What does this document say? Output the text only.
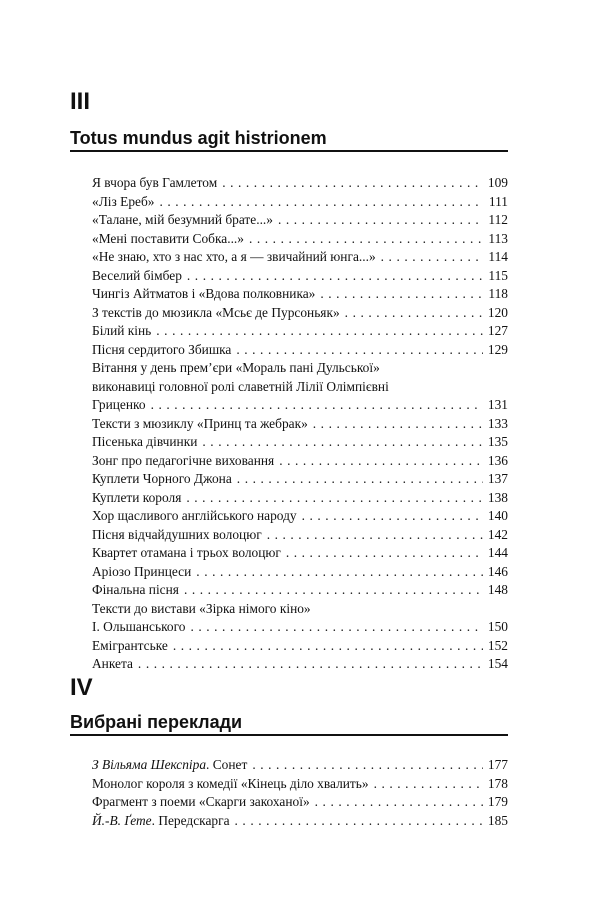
III
Totus mundus agit histrionem
Я вчора був Гамлетом . . .	109
«Ліз Ереб» . . .	111
«Талане, мій безумний брате...» . . .	112
«Мені поставити Собка...» . . .	113
«Не знаю, хто з нас хто, а я — звичайний юнга...» . . .	114
Веселий бімбер . . .	115
Чингіз Айтматов і «Вдова полковника» . . .	118
З текстів до мюзикла «Мсьє де Пурсоньяк» . . .	120
Білий кінь . . .	127
Пісня сердитого Збишка . . .	129
Вітання у день прем’єри «Мораль пані Дульської»
виконавиці головної ролі славетній Лілії Олімпієвні
Гриценко . . .	131
Тексти з мюзиклу «Принц та жебрак» . . .	133
Пісенька дівчинки . . .	135
Зонг про педагогічне виховання . . .	136
Куплети Чорного Джона . . .	137
Куплети короля . . .	138
Хор щасливого англійського народу . . .	140
Пісня відчайдушних волоцюг . . .	142
Квартет отамана і трьох волоцюг . . .	144
Аріозо Принцеси . . .	146
Фінальна пісня . . .	148
Тексти до вистави «Зірка німого кіно»
І. Ольшанського . . .	150
Емігрантське . . .	152
Анкета . . .	154
IV
Вибрані переклади
З Вільяма Шекспіра. Сонет . . .	177
Монолог короля з комедії «Кінець діло хвалить» . . .	178
Фрагмент з поеми «Скарги закоханої» . . .	179
Й.-В. Ґете. Передскарга . . .	185
